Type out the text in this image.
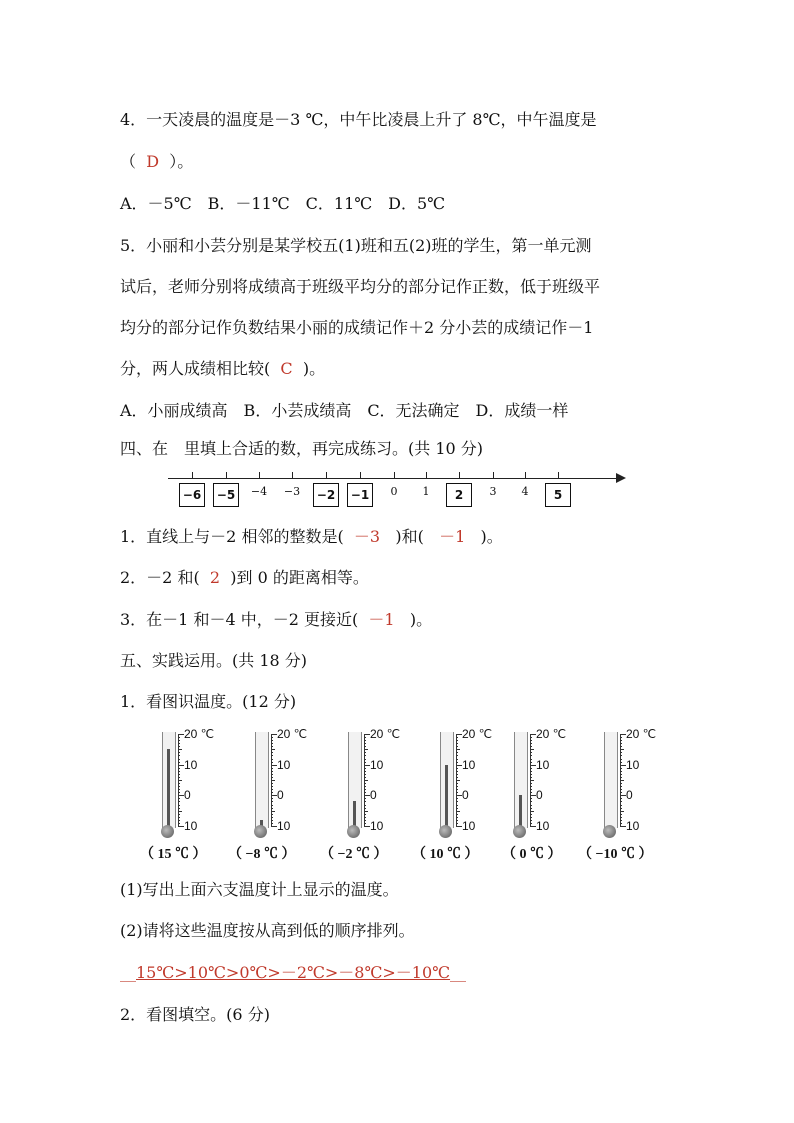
4．一天凌晨的温度是－3 ℃，中午比凌晨上升了 8℃，中午温度是
（ D ）。
A．－5℃　B．－11℃　C．11℃　D．5℃
5．小丽和小芸分别是某学校五(1)班和五(2)班的学生，第一单元测
试后，老师分别将成绩高于班级平均分的部分记作正数，低于班级平
均分的部分记作负数结果小丽的成绩记作＋2 分小芸的成绩记作－1
分，两人成绩相比较( C )。
A．小丽成绩高　B．小芸成绩高　C．无法确定　D．成绩一样
四、在　里填上合适的数，再完成练习。(共 10 分)
−6	−5	−4 −3	−2	−1	0 1	2	3 4	5
1．直线上与－2 相邻的整数是( －3 )和( －1 )。
2．－2 和( 2 )到 0 的距离相等。
3．在－1 和－4 中，－2 更接近( －1 )。
五、实践运用。(共 18 分)
1．看图识温度。(12 分)
20 ℃
10
0
10
（ 15 ℃ ）
20 ℃
10
0
10
（ −8 ℃ ）
20 ℃
10
0
10
（ −2 ℃ ）
20 ℃
10
0
10
（ 10 ℃ ）
20 ℃
10
0
10
（ 0 ℃ ）
20 ℃
10
0
10
（ −10 ℃ ）
(1)写出上面六支温度计上显示的温度。
(2)请将这些温度按从高到低的顺序排列。
__15℃>10℃>0℃>－2℃>－8℃>－10℃__
2．看图填空。(6 分)
